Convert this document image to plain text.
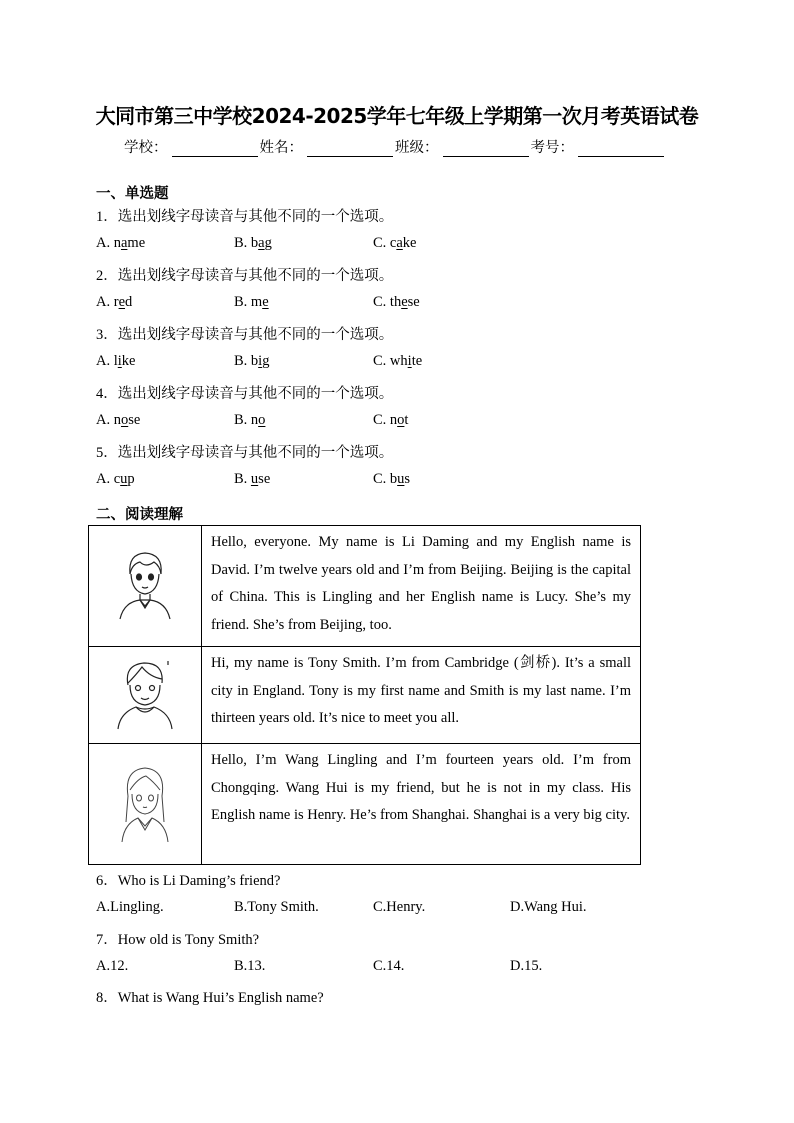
大同市第三中学校2024-2025学年七年级上学期第一次月考英语试卷
学校：	姓名：	班级：	考号：
一、单选题
1．选出划线字母读音与其他不同的一个选项。
A. name	B. bag	C. cake
2．选出划线字母读音与其他不同的一个选项。
A. red	B. me	C. these
3．选出划线字母读音与其他不同的一个选项。
A. like	B. big	C. white
4．选出划线字母读音与其他不同的一个选项。
A. nose	B. no	C. not
5．选出划线字母读音与其他不同的一个选项。
A. cup	B. use	C. bus
二、阅读理解
	Hello, everyone. My name is Li Daming and my English name is David. I’m twelve years old and I’m from Beijing. Beijing is the capital of China. This is Lingling and her English name is Lucy. She’s my friend. She’s from Beijing, too.
	Hi, my name is Tony Smith. I’m from Cambridge (剑桥). It’s a small city in England. Tony is my first name and Smith is my last name. I’m thirteen years old. It’s nice to meet you all.
	Hello, I’m Wang Lingling and I’m fourteen years old. I’m from Chongqing. Wang Hui is my friend, but he is not in my class. His English name is Henry. He’s from Shanghai. Shanghai is a very big city.
6．Who is Li Daming’s friend?
A.Lingling.	B.Tony Smith.	C.Henry.	D.Wang Hui.
7．How old is Tony Smith?
A.12.	B.13.	C.14.	D.15.
8．What is Wang Hui’s English name?
